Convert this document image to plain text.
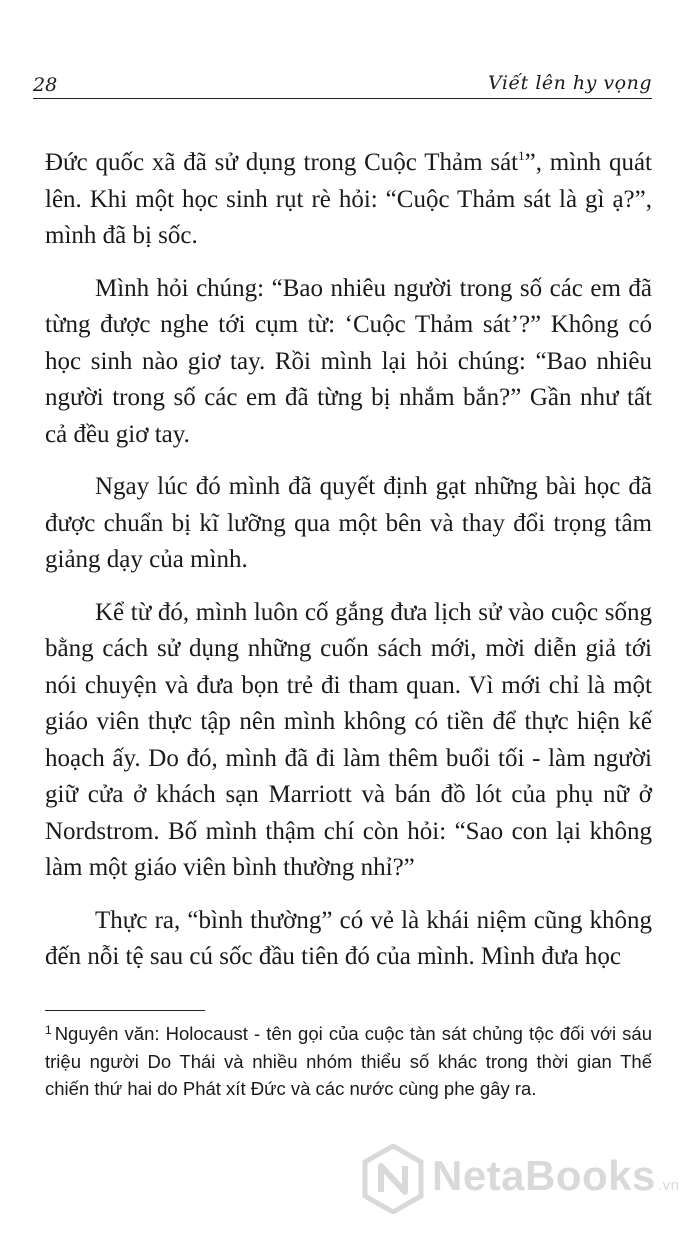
28	Viết lên hy vọng

Đức quốc xã đã sử dụng trong Cuộc Thảm sát$^1$”, mình quát lên. Khi một học sinh rụt rè hỏi: “Cuộc Thảm sát là gì ạ?”, mình đã bị sốc.

Mình hỏi chúng: “Bao nhiêu người trong số các em đã từng được nghe tới cụm từ: ‘Cuộc Thảm sát’?” Không có học sinh nào giơ tay. Rồi mình lại hỏi chúng: “Bao nhiêu người trong số các em đã từng bị nhắm bắn?” Gần như tất cả đều giơ tay.

Ngay lúc đó mình đã quyết định gạt những bài học đã được chuẩn bị kĩ lưỡng qua một bên và thay đổi trọng tâm giảng dạy của mình.

Kể từ đó, mình luôn cố gắng đưa lịch sử vào cuộc sống bằng cách sử dụng những cuốn sách mới, mời diễn giả tới nói chuyện và đưa bọn trẻ đi tham quan. Vì mới chỉ là một giáo viên thực tập nên mình không có tiền để thực hiện kế hoạch ấy. Do đó, mình đã đi làm thêm buổi tối - làm người giữ cửa ở khách sạn Marriott và bán đồ lót của phụ nữ ở Nordstrom. Bố mình thậm chí còn hỏi: “Sao con lại không làm một giáo viên bình thường nhỉ?”

Thực ra, “bình thường” có vẻ là khái niệm cũng không đến nỗi tệ sau cú sốc đầu tiên đó của mình. Mình đưa học

$^1$ Nguyên văn: Holocaust - tên gọi của cuộc tàn sát chủng tộc đối với sáu triệu người Do Thái và nhiều nhóm thiểu số khác trong thời gian Thế chiến thứ hai do Phát xít Đức và các nước cùng phe gây ra.
NetaBooks .vn
